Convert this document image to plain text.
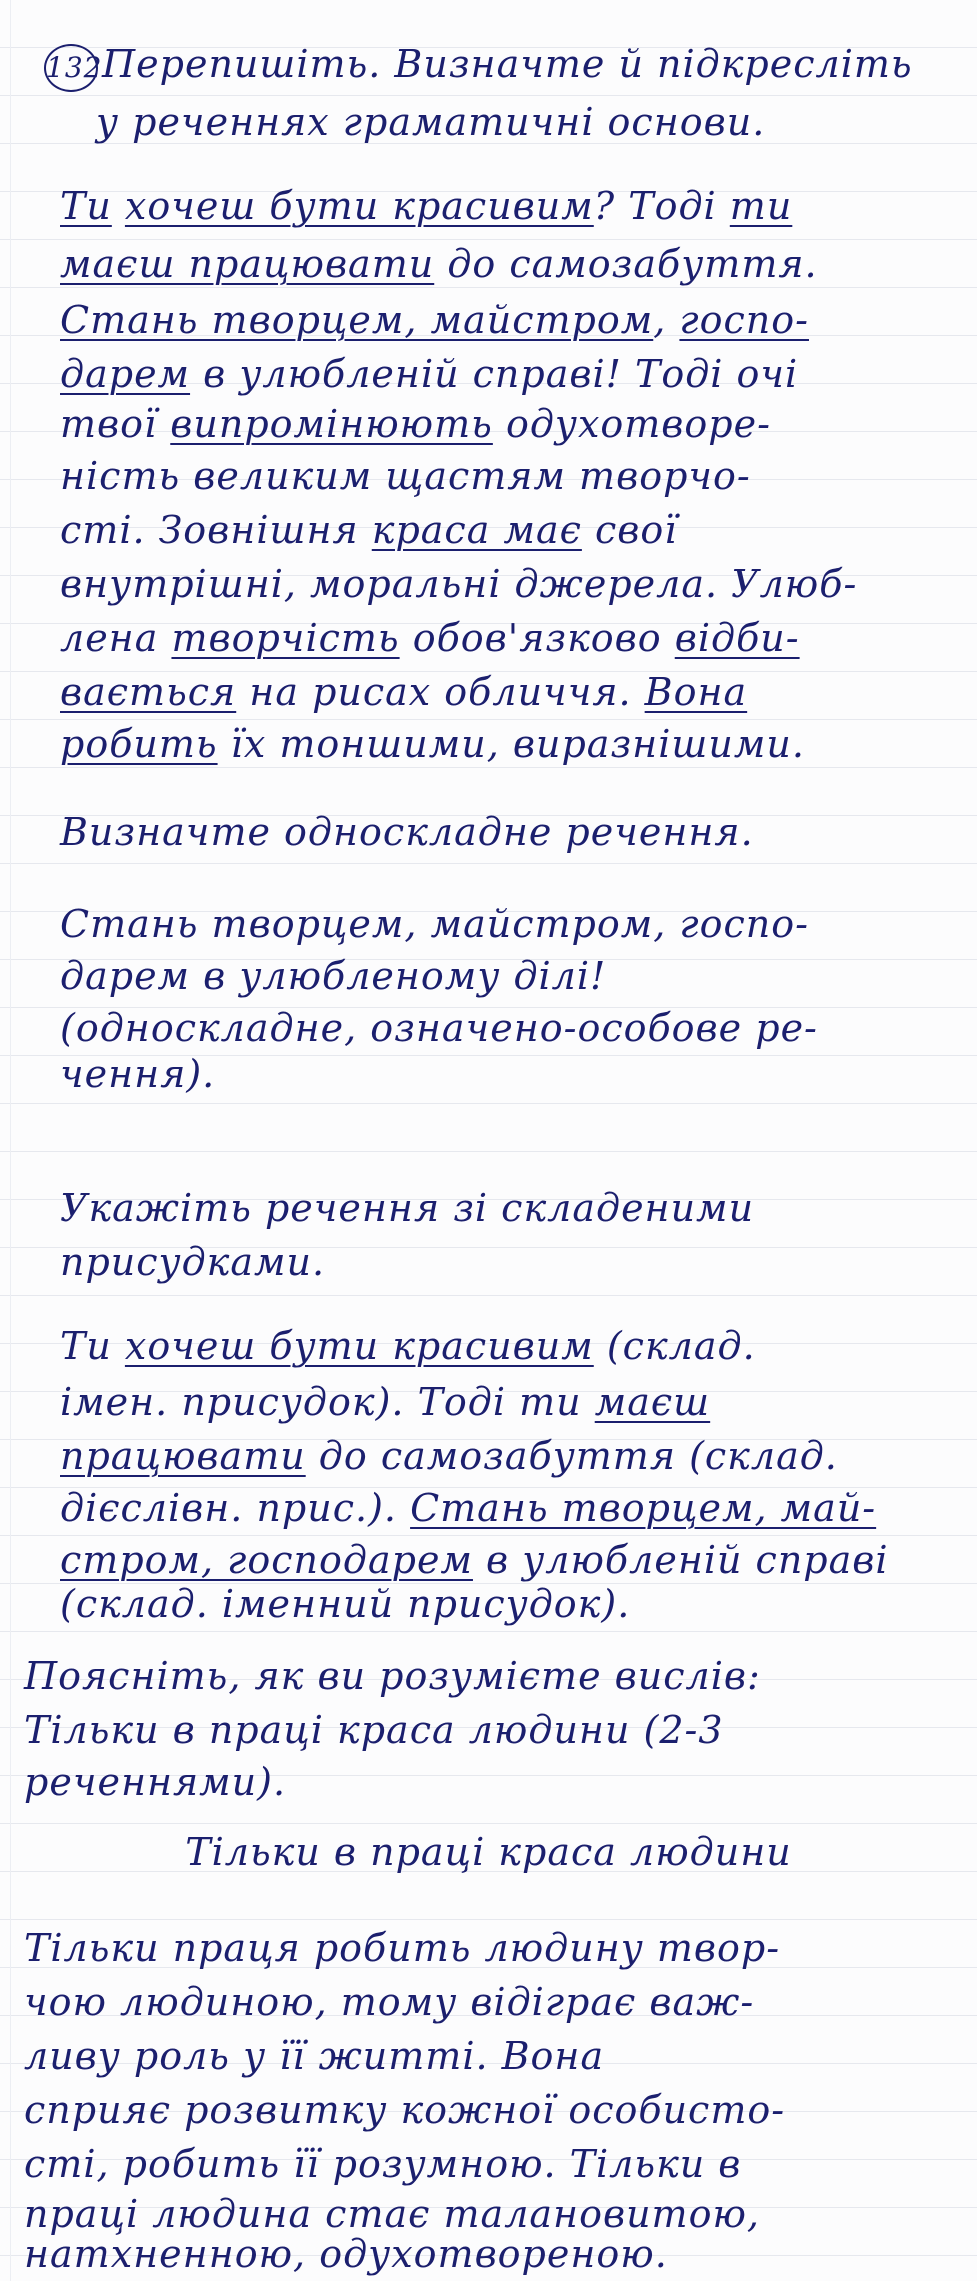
132Перепишіть. Визначте й підкресліть
у реченнях граматичні основи.
Ти хочеш бути красивим? Тоді ти
маєш працювати до самозабуття.
Стань творцем, майстром, госпо-
дарем в улюбленій справі! Тоді очі
твої випромінюють одухотворе-
ність великим щастям творчо-
сті. Зовнішня краса має свої
внутрішні, моральні джерела. Улюб-
лена творчість обов'язково відби-
вається на рисах обличчя. Вона
робить їх тоншими, виразнішими.
Визначте односкладне речення.
Стань творцем, майстром, госпо-
дарем в улюбленому ділі!
(односкладне, означено-особове ре-
чення).
Укажіть речення зі складеними
присудками.
Ти хочеш бути красивим (склад.
імен. присудок). Тоді ти маєш
працювати до самозабуття (склад.
дієслівн. прис.). Стань творцем, май-
стром, господарем в улюбленій справі
(склад. іменний присудок).
Поясніть, як ви розумієте вислів:
Тільки в праці краса людини (2-3
реченнями).
Тільки в праці краса людини
Тільки праця робить людину твор-
чою людиною, тому відіграє важ-
ливу роль у її житті. Вона
сприяє розвитку кожної особисто-
сті, робить її розумною. Тільки в
праці людина стає талановитою,
натхненною, одухотвореною.
